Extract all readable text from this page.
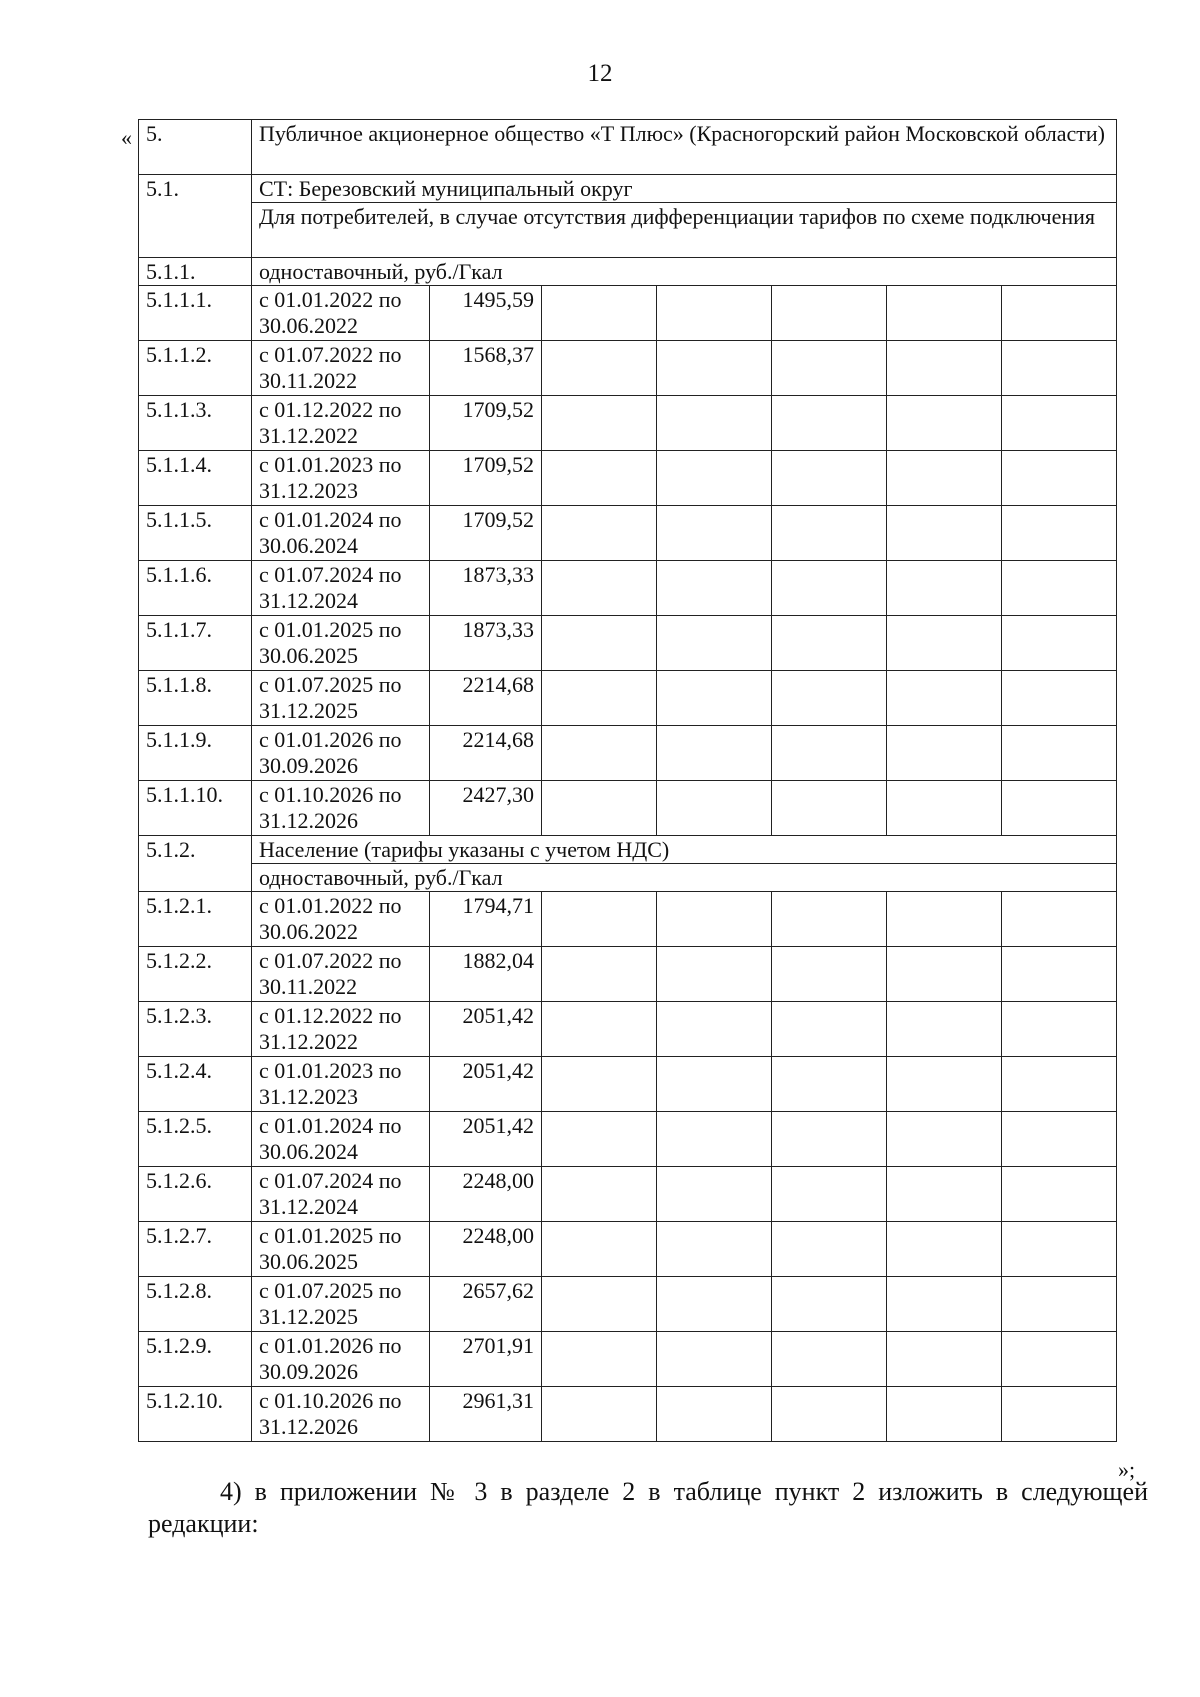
12
«
»;
5.	Публичное акционерное общество «Т Плюс» (Красногорский район Московской области)						
5.1.	СТ: Березовский муниципальный округ						
	Для потребителей, в случае отсутствия дифференциации тарифов по схеме подключения						
5.1.1.	одноставочный, руб./Гкал						
5.1.1.1.	с 01.01.2022 по 30.06.2022	1495,59					
5.1.1.2.	с 01.07.2022 по 30.11.2022	1568,37					
5.1.1.3.	с 01.12.2022 по 31.12.2022	1709,52					
5.1.1.4.	с 01.01.2023 по 31.12.2023	1709,52					
5.1.1.5.	с 01.01.2024 по 30.06.2024	1709,52					
5.1.1.6.	с 01.07.2024 по 31.12.2024	1873,33					
5.1.1.7.	с 01.01.2025 по 30.06.2025	1873,33					
5.1.1.8.	с 01.07.2025 по 31.12.2025	2214,68					
5.1.1.9.	с 01.01.2026 по 30.09.2026	2214,68					
5.1.1.10.	с 01.10.2026 по 31.12.2026	2427,30					
5.1.2.	Население (тарифы указаны с учетом НДС)						
	одноставочный, руб./Гкал						
5.1.2.1.	с 01.01.2022 по 30.06.2022	1794,71					
5.1.2.2.	с 01.07.2022 по 30.11.2022	1882,04					
5.1.2.3.	с 01.12.2022 по 31.12.2022	2051,42					
5.1.2.4.	с 01.01.2023 по 31.12.2023	2051,42					
5.1.2.5.	с 01.01.2024 по 30.06.2024	2051,42					
5.1.2.6.	с 01.07.2024 по 31.12.2024	2248,00					
5.1.2.7.	с 01.01.2025 по 30.06.2025	2248,00					
5.1.2.8.	с 01.07.2025 по 31.12.2025	2657,62					
5.1.2.9.	с 01.01.2026 по 30.09.2026	2701,91					
5.1.2.10.	с 01.10.2026 по 31.12.2026	2961,31					
4) в приложении № 3 в разделе 2 в таблице пункт 2 изложить в следующей
редакции:
